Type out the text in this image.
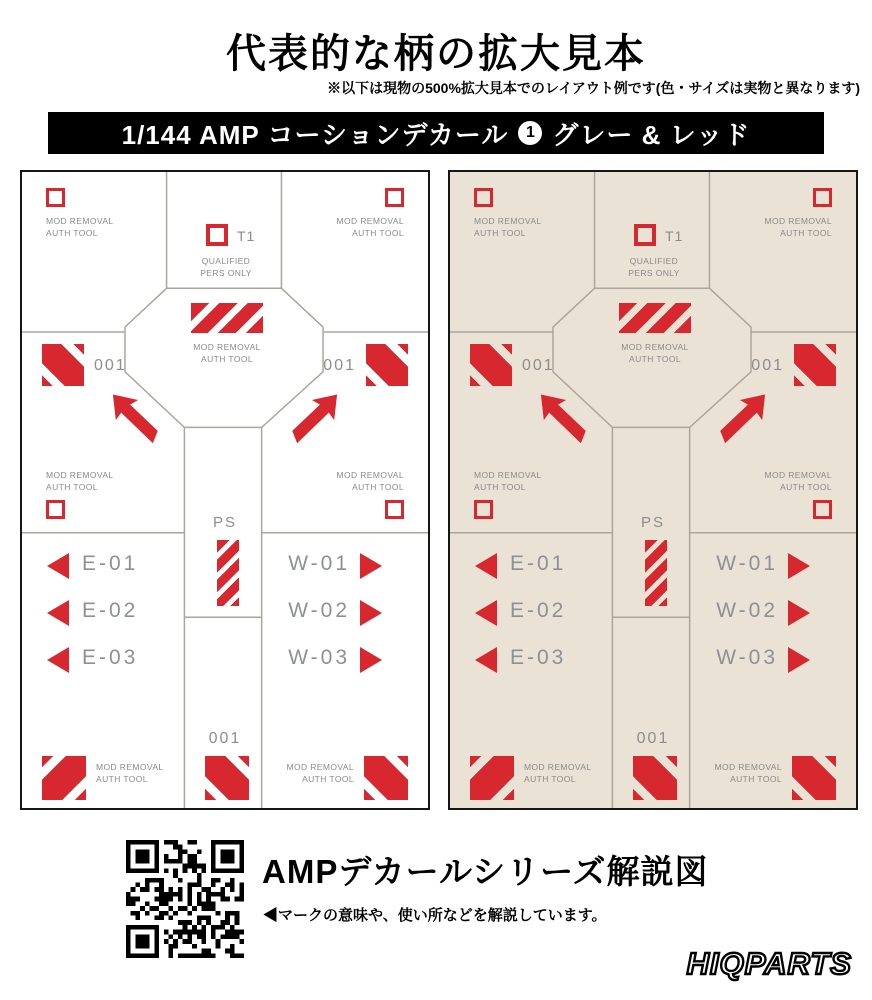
代表的な柄の拡大見本
※以下は現物の500%拡大見本でのレイアウト例です(色・サイズは実物と異なります)
1/144 AMP コーションデカール	1 グレー & レッド
MOD REMOVAL
AUTH TOOL
MOD REMOVAL
AUTH TOOL
T1
QUALIFIED
PERS ONLY
MOD REMOVAL
AUTH TOOL
001	001
MOD REMOVAL
AUTH TOOL
MOD REMOVAL
AUTH TOOL
PS
E-01
E-02
E-03
W-01
W-02
W-03
001
MOD REMOVAL
AUTH TOOL
MOD REMOVAL
AUTH TOOL
MOD REMOVAL
AUTH TOOL
MOD REMOVAL
AUTH TOOL
T1
QUALIFIED
PERS ONLY
MOD REMOVAL
AUTH TOOL
001	001
MOD REMOVAL
AUTH TOOL
MOD REMOVAL
AUTH TOOL
PS
E-01
E-02
E-03
W-01
W-02
W-03
001
MOD REMOVAL
AUTH TOOL
MOD REMOVAL
AUTH TOOL
AMPデカールシリーズ解説図
◀マークの意味や、使い所などを解説しています。
HIQPARTS
